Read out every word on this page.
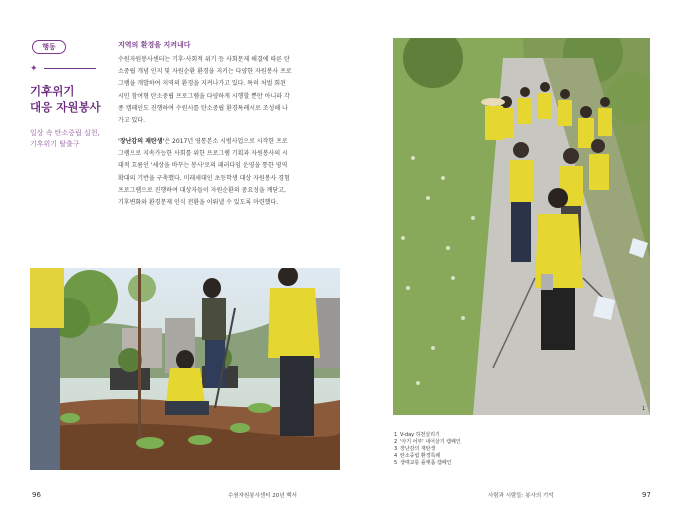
행동
✦
기후위기
대응 자원봉사

일상 속 탄소중립 실천,
기후위기 탈출구

지역의 환경을 지켜내다

수원자원봉사센터는 기후·사회적 위기 등 사회문제 해결에 따른 탄소중립 개념 인지 및 자원순환 환경을 지키는 다양한 자원봉사 프로그램을 개발하여 지역의 환경을 지켜나가고 있다. 특히 처벌 회된 시민 참여형 탄소중립 프로그램을 다양하게 시행할 뿐만 아니라 각종 캠페인도 진행하여 수원시를 탄소중립 환경특례시로 조성해 나가고 있다.

'장난감의 재탄생'은 2017년 영통본소 시범사업으로 시작한 프로그램으로 지속가능한 사회를 위한 프로그램 기획과 자원봉사의 시대적 흐름인 '세상을 바꾸는 봉사'로의 패러다임 운영을 통한 영역 확대의 기반을 구축했다. 미래세대인 초등학생 대상 자원봉사 경험 프로그램으로 진행하여 대상자들이 자원순환의 중요성을 깨닫고, 기후변화와 환경문제 인식 전환을 이뤄낼 수 있도록 마련했다.

96	수원자원봉사센터 20년 백서
1
1 V-day 하천살리기
2 '아기 어부' 내어살기 캠페인
3 장난감의 재탄생
4 탄소중립 환경특례
5 생태교통 플랫폼 캠페인
사람과 시람들: 봉사의 기억	97
